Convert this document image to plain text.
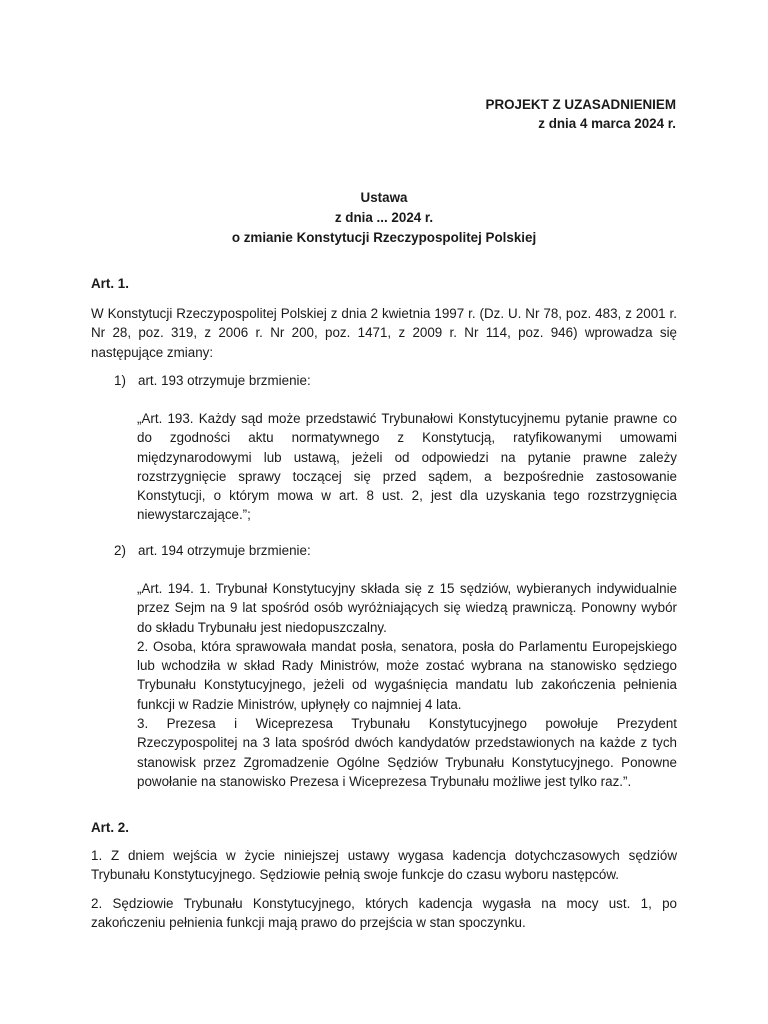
PROJEKT Z UZASADNIENIEM
z dnia 4 marca 2024 r.
Ustawa
z dnia ... 2024 r.
o zmianie Konstytucji Rzeczypospolitej Polskiej
Art. 1.

W Konstytucji Rzeczypospolitej Polskiej z dnia 2 kwietnia 1997 r. (Dz. U. Nr 78, poz. 483, z 2001 r. Nr 28, poz. 319, z 2006 r. Nr 200, poz. 1471, z 2009 r. Nr 114, poz. 946) wprowadza się następujące zmiany:

1) art. 193 otrzymuje brzmienie:

„Art. 193. Każdy sąd może przedstawić Trybunałowi Konstytucyjnemu pytanie prawne co do zgodności aktu normatywnego z Konstytucją, ratyfikowanymi umowami międzynarodowymi lub ustawą, jeżeli od odpowiedzi na pytanie prawne zależy rozstrzygnięcie sprawy toczącej się przed sądem, a bezpośrednie zastosowanie Konstytucji, o którym mowa w art. 8 ust. 2, jest dla uzyskania tego rozstrzygnięcia niewystarczające.”;

2) art. 194 otrzymuje brzmienie:

„Art. 194. 1. Trybunał Konstytucyjny składa się z 15 sędziów, wybieranych indywidualnie przez Sejm na 9 lat spośród osób wyróżniających się wiedzą prawniczą. Ponowny wybór do składu Trybunału jest niedopuszczalny.

2. Osoba, która sprawowała mandat posła, senatora, posła do Parlamentu Europejskiego lub wchodziła w skład Rady Ministrów, może zostać wybrana na stanowisko sędziego Trybunału Konstytucyjnego, jeżeli od wygaśnięcia mandatu lub zakończenia pełnienia funkcji w Radzie Ministrów, upłynęły co najmniej 4 lata.

3. Prezesa i Wiceprezesa Trybunału Konstytucyjnego powołuje Prezydent Rzeczypospolitej na 3 lata spośród dwóch kandydatów przedstawionych na każde z tych stanowisk przez Zgromadzenie Ogólne Sędziów Trybunału Konstytucyjnego. Ponowne powołanie na stanowisko Prezesa i Wiceprezesa Trybunału możliwe jest tylko raz.”.

Art. 2.

1. Z dniem wejścia w życie niniejszej ustawy wygasa kadencja dotychczasowych sędziów Trybunału Konstytucyjnego. Sędziowie pełnią swoje funkcje do czasu wyboru następców.

2. Sędziowie Trybunału Konstytucyjnego, których kadencja wygasła na mocy ust. 1, po zakończeniu pełnienia funkcji mają prawo do przejścia w stan spoczynku.
